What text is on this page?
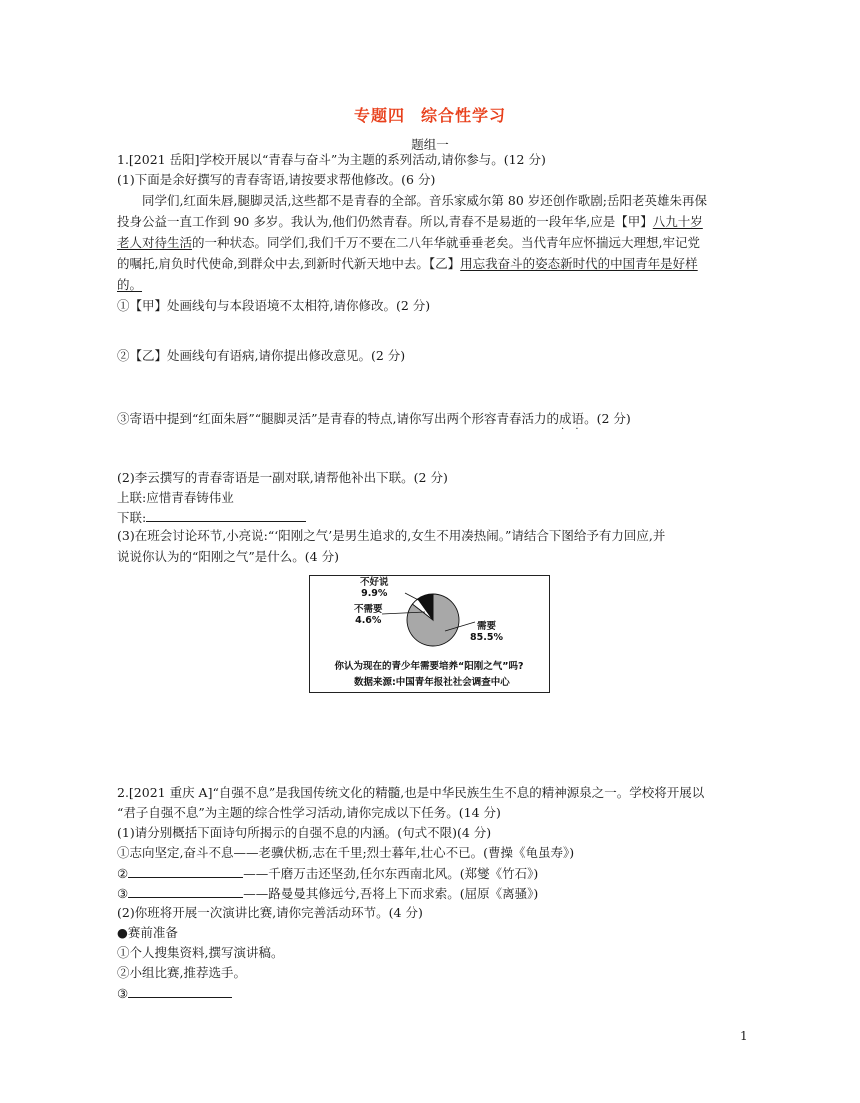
专题四 综合性学习
题组一
1.[2021 岳阳]学校开展以“青春与奋斗”为主题的系列活动,请你参与。(12 分)
(1)下面是余好撰写的青春寄语,请按要求帮他修改。(6 分)
同学们,红面朱唇,腿脚灵活,这些都不是青春的全部。音乐家威尔第 80 岁还创作歌剧;岳阳老英雄朱再保
投身公益一直工作到 90 多岁。我认为,他们仍然青春。所以,青春不是易逝的一段年华,应是【甲】八九十岁
老人对待生活的一种状态。同学们,我们千万不要在二八年华就垂垂老矣。当代青年应怀揣远大理想,牢记党
的嘱托,肩负时代使命,到群众中去,到新时代新天地中去。【乙】用忘我奋斗的姿态新时代的中国青年是好样
的。
①【甲】处画线句与本段语境不太相符,请你修改。(2 分)
②【乙】处画线句有语病,请你提出修改意见。(2 分)
③寄语中提到“红面朱唇”“腿脚灵活”是青春的特点,请你写出两个形容青春活力的成语 · ·。(2 分)
(2)李云撰写的青春寄语是一副对联,请帮他补出下联。(2 分)
上联:应惜青春铸伟业
下联:
(3)在班会讨论环节,小亮说:“‘阳刚之气’是男生追求的,女生不用凑热闹。”请结合下图给予有力回应,并
说说你认为的“阳刚之气”是什么。(4 分)
不好说
9.9%
不需要
4.6%
需要
85.5%
你认为现在的青少年需要培养“阳刚之气”吗?
数据来源:中国青年报社社会调查中心
2.[2021 重庆 A]“自强不息”是我国传统文化的精髓,也是中华民族生生不息的精神源泉之一。学校将开展以
“君子自强不息”为主题的综合性学习活动,请你完成以下任务。(14 分)
(1)请分别概括下面诗句所揭示的自强不息的内涵。(句式不限)(4 分)
①志向坚定,奋斗不息——老骥伏枥,志在千里;烈士暮年,壮心不已。(曹操《龟虽寿》)
②	——千磨万击还坚劲,任尔东西南北风。(郑燮《竹石》)
③	——路曼曼其修远兮,吾将上下而求索。(屈原《离骚》)
(2)你班将开展一次演讲比赛,请你完善活动环节。(4 分)
●赛前准备
①个人搜集资料,撰写演讲稿。
②小组比赛,推荐选手。
③
1
